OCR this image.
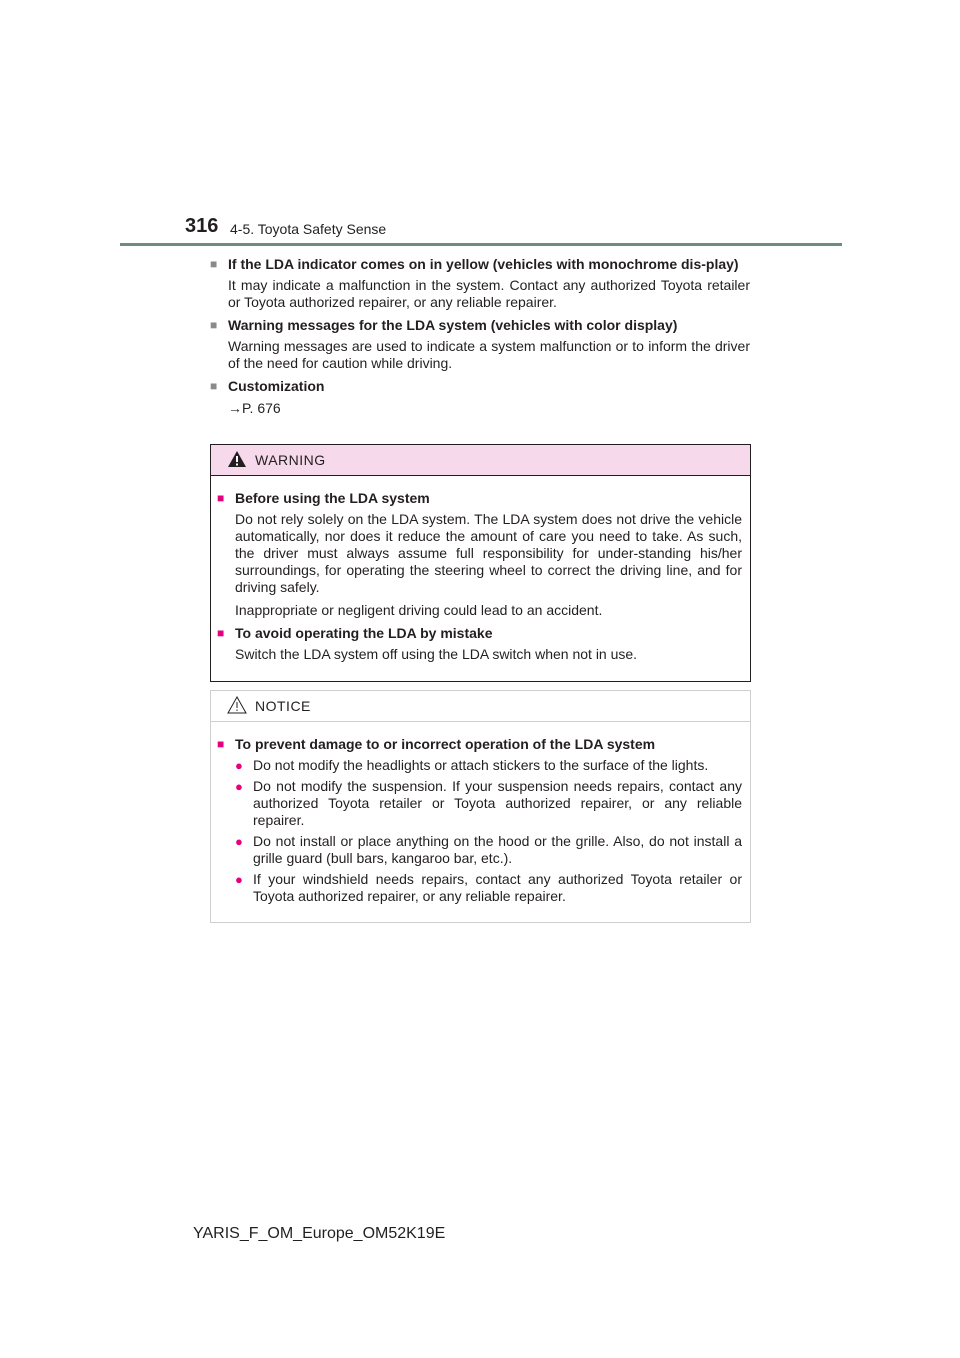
316 4-5. Toyota Safety Sense
■ If the LDA indicator comes on in yellow (vehicles with monochrome dis-play)
It may indicate a malfunction in the system. Contact any authorized Toyota retailer or Toyota authorized repairer, or any reliable repairer.
■ Warning messages for the LDA system (vehicles with color display)
Warning messages are used to indicate a system malfunction or to inform the driver of the need for caution while driving.
■ Customization
→P. 676
WARNING
■ Before using the LDA system
Do not rely solely on the LDA system. The LDA system does not drive the vehicle automatically, nor does it reduce the amount of care you need to take. As such, the driver must always assume full responsibility for under-standing his/her surroundings, for operating the steering wheel to correct the driving line, and for driving safely.
Inappropriate or negligent driving could lead to an accident.
■ To avoid operating the LDA by mistake
Switch the LDA system off using the LDA switch when not in use.
NOTICE
■ To prevent damage to or incorrect operation of the LDA system
● Do not modify the headlights or attach stickers to the surface of the lights.
● Do not modify the suspension. If your suspension needs repairs, contact any authorized Toyota retailer or Toyota authorized repairer, or any reliable repairer.
● Do not install or place anything on the hood or the grille. Also, do not install a grille guard (bull bars, kangaroo bar, etc.).
● If your windshield needs repairs, contact any authorized Toyota retailer or Toyota authorized repairer, or any reliable repairer.
YARIS_F_OM_Europe_OM52K19E
